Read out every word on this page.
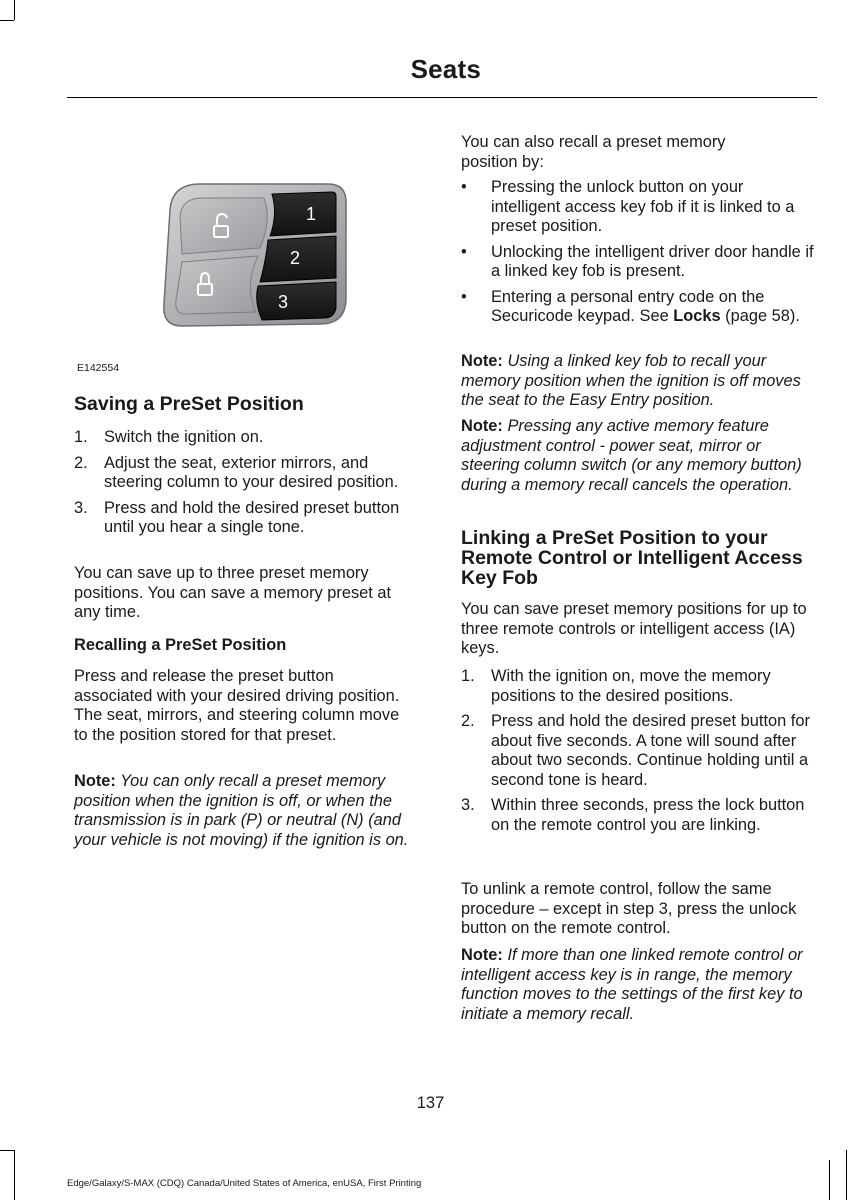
Seats
1
2
3
E142554
Saving a PreSet Position
1. Switch the ignition on.
2. Adjust the seat, exterior mirrors, and steering column to your desired position.
3. Press and hold the desired preset button until you hear a single tone.

You can save up to three preset memory positions. You can save a memory preset at any time.

Recalling a PreSet Position

Press and release the preset button associated with your desired driving position. The seat, mirrors, and steering column move to the position stored for that preset.

Note: You can only recall a preset memory position when the ignition is off, or when the transmission is in park (P) or neutral (N) (and your vehicle is not moving) if the ignition is on.

You can also recall a preset memory position by:

• Pressing the unlock button on your intelligent access key fob if it is linked to a preset position.
• Unlocking the intelligent driver door handle if a linked key fob is present.
• Entering a personal entry code on the Securicode keypad. See Locks (page 58).

Note: Using a linked key fob to recall your memory position when the ignition is off moves the seat to the Easy Entry position.

Note: Pressing any active memory feature adjustment control - power seat, mirror or steering column switch (or any memory button) during a memory recall cancels the operation.

Linking a PreSet Position to your Remote Control or Intelligent Access Key Fob

You can save preset memory positions for up to three remote controls or intelligent access (IA) keys.

1. With the ignition on, move the memory positions to the desired positions.
2. Press and hold the desired preset button for about five seconds. A tone will sound after about two seconds. Continue holding until a second tone is heard.
3. Within three seconds, press the lock button on the remote control you are linking.

To unlink a remote control, follow the same procedure – except in step 3, press the unlock button on the remote control.

Note: If more than one linked remote control or intelligent access key is in range, the memory function moves to the settings of the first key to initiate a memory recall.

137
Edge/Galaxy/S-MAX (CDQ) Canada/United States of America, enUSA, First Printing
